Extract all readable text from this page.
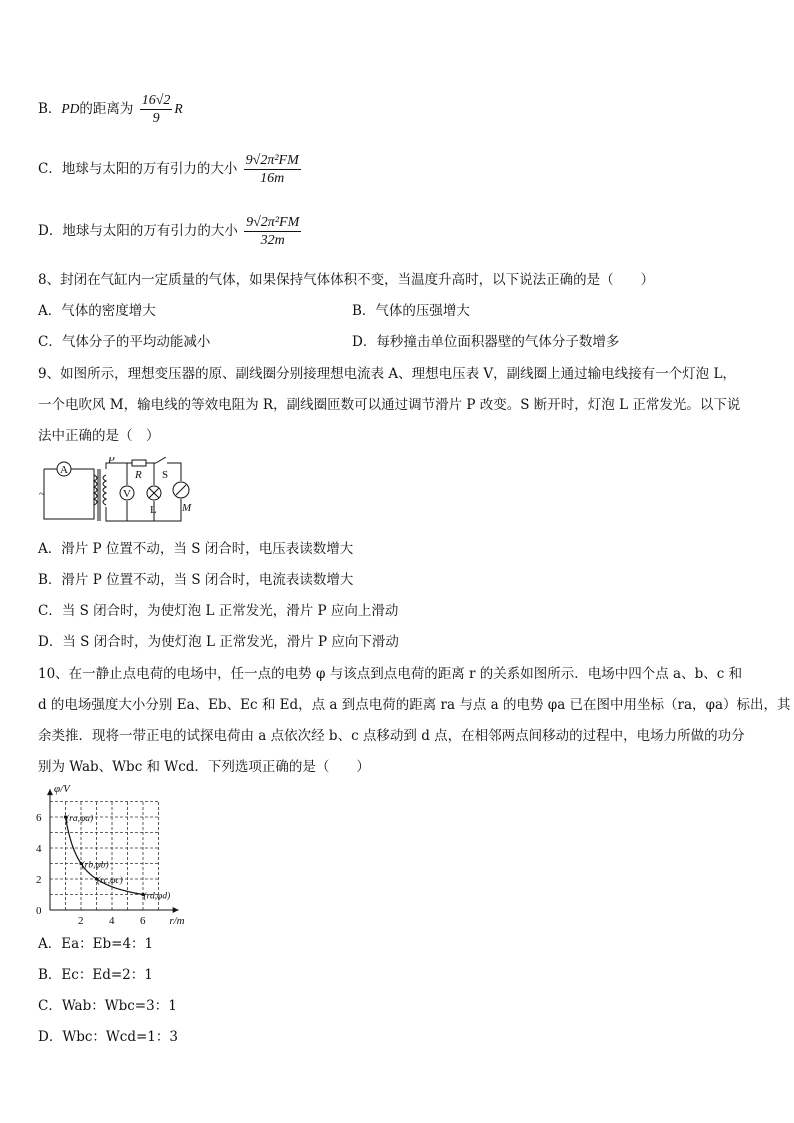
B．PD的距离为 $\frac{16√2}{9}$ R
C．地球与太阳的万有引力的大小 $\frac{\text{9√2π²FM}}{16m}$
D．地球与太阳的万有引力的大小 $\frac{\text{9√2π²FM}}{32m}$
8、封闭在气缸内一定质量的气体，如果保持气体体积不变，当温度升高时，以下说法正确的是（　　）
A．气体的密度增大	B．气体的压强增大
C．气体分子的平均动能减小	D．每秒撞击单位面积器壁的气体分子数增多
9、如图所示，理想变压器的原、副线圈分别接理想电流表 A、理想电压表 V，副线圈上通过输电线接有一个灯泡 L，
一个电吹风 M，输电线的等效电阻为 R，副线圈匝数可以通过调节滑片 P 改变。S 断开时，灯泡 L 正常发光。以下说
法中正确的是（　）
A
V
P
R S
L M
~
A．滑片 P 位置不动，当 S 闭合时，电压表读数增大
B．滑片 P 位置不动，当 S 闭合时，电流表读数增大
C．当 S 闭合时，为使灯泡 L 正常发光，滑片 P 应向上滑动
D．当 S 闭合时，为使灯泡 L 正常发光，滑片 P 应向下滑动
10、在一静止点电荷的电场中，任一点的电势 φ 与该点到点电荷的距离 r 的关系如图所示．电场中四个点 a、b、c 和
d 的电场强度大小分别 Ea、Eb、Ec 和 Ed，点 a 到点电荷的距离 ra 与点 a 的电势 φa 已在图中用坐标（ra，φa）标出，其
余类推．现将一带正电的试探电荷由 a 点依次经 b、c 点移动到 d 点，在相邻两点间移动的过程中，电场力所做的功分
别为 Wab、Wbc 和 Wcd．下列选项正确的是（　　）
2 4 6
0
2
4
6
r/m
φ/V
(ra,φa)
(rb,φb)
(rc,φc)
(rd,φd)
A．Ea：Eb=4：1
B．Ec：Ed=2：1
C．Wab：Wbc=3：1
D．Wbc：Wcd=1：3
